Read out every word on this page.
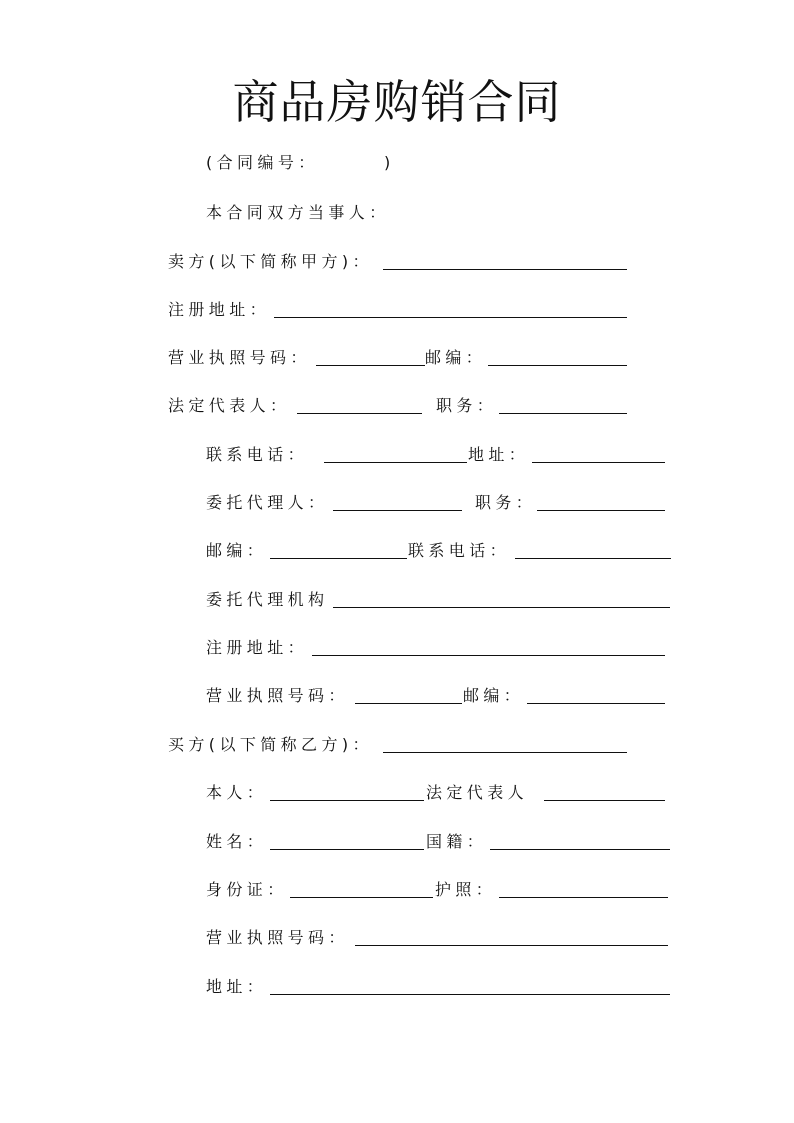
商品房购销合同
(合同编号：	)
本合同双方当事人：
卖方(以下简称甲方)：
注册地址：
营业执照号码：	邮编：
法定代表人：	职务：
联系电话：	地址：
委托代理人：	职务：
邮编：	联系电话：
委托代理机构
注册地址：
营业执照号码：	邮编：
买方(以下简称乙方)：
本人：	法定代表人
姓名：	国籍：
身份证：	护照：
营业执照号码：
地址：
